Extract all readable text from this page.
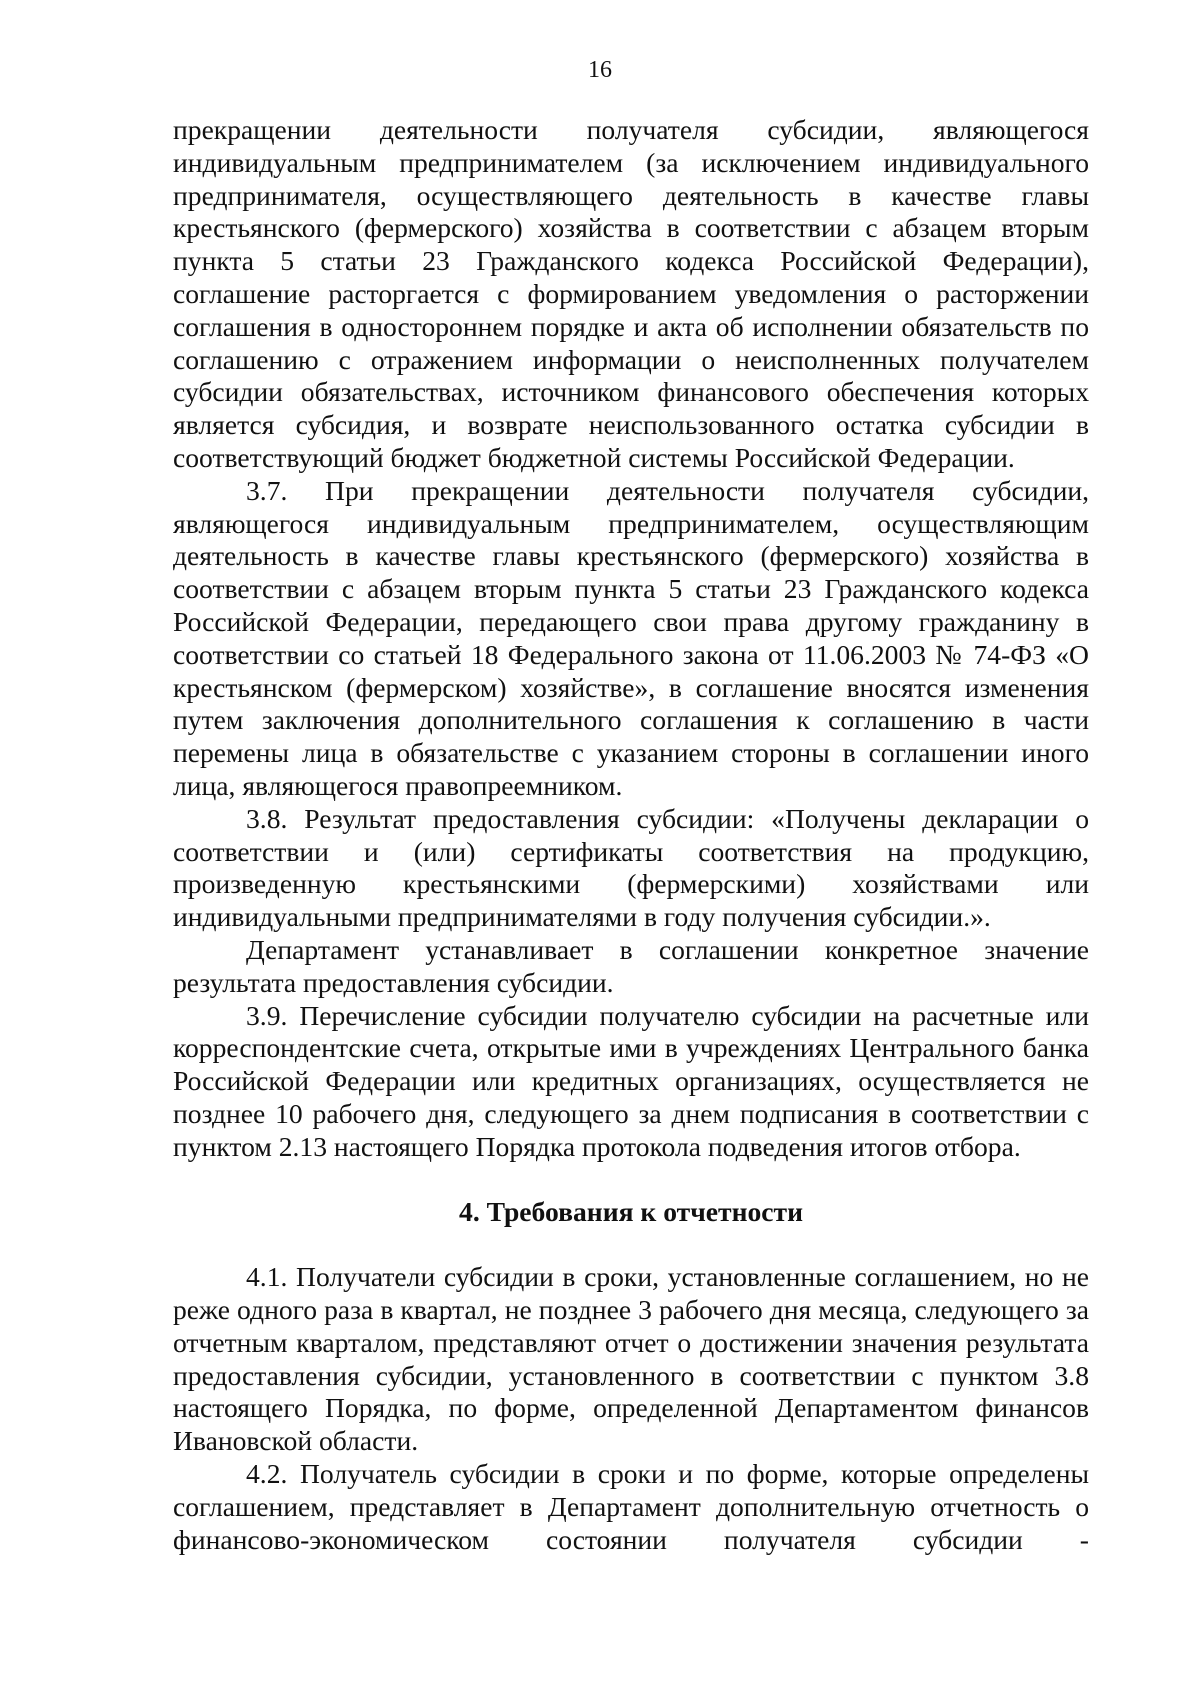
16

прекращении деятельности получателя субсидии, являющегося индивидуальным предпринимателем (за исключением индивидуального предпринимателя, осуществляющего деятельность в качестве главы крестьянского (фермерского) хозяйства в соответствии с абзацем вторым пункта 5 статьи 23 Гражданского кодекса Российской Федерации), соглашение расторгается с формированием уведомления о расторжении соглашения в одностороннем порядке и акта об исполнении обязательств по соглашению с отражением информации о неисполненных получателем субсидии обязательствах, источником финансового обеспечения которых является субсидия, и возврате неиспользованного остатка субсидии в соответствующий бюджет бюджетной системы Российской Федерации.

3.7. При прекращении деятельности получателя субсидии, являющегося индивидуальным предпринимателем, осуществляющим деятельность в качестве главы крестьянского (фермерского) хозяйства в соответствии с абзацем вторым пункта 5 статьи 23 Гражданского кодекса Российской Федерации, передающего свои права другому гражданину в соответствии со статьей 18 Федерального закона от 11.06.2003 № 74-ФЗ «О крестьянском (фермерском) хозяйстве», в соглашение вносятся изменения путем заключения дополнительного соглашения к соглашению в части перемены лица в обязательстве с указанием стороны в соглашении иного лица, являющегося правопреемником.

3.8. Результат предоставления субсидии: «Получены декларации о соответствии и (или) сертификаты соответствия на продукцию, произведенную крестьянскими (фермерскими) хозяйствами или индивидуальными предпринимателями в году получения субсидии.».

Департамент устанавливает в соглашении конкретное значение результата предоставления субсидии.

3.9. Перечисление субсидии получателю субсидии на расчетные или корреспондентские счета, открытые ими в учреждениях Центрального банка Российской Федерации или кредитных организациях, осуществляется не позднее 10 рабочего дня, следующего за днем подписания в соответствии с пунктом 2.13 настоящего Порядка протокола подведения итогов отбора.

4. Требования к отчетности

4.1. Получатели субсидии в сроки, установленные соглашением, но не реже одного раза в квартал, не позднее 3 рабочего дня месяца, следующего за отчетным кварталом, представляют отчет о достижении значения результата предоставления субсидии, установленного в соответствии с пунктом 3.8 настоящего Порядка, по форме, определенной Департаментом финансов Ивановской области.

4.2. Получатель субсидии в сроки и по форме, которые определены соглашением, представляет в Департамент дополнительную отчетность о финансово-экономическом состоянии получателя субсидии -
